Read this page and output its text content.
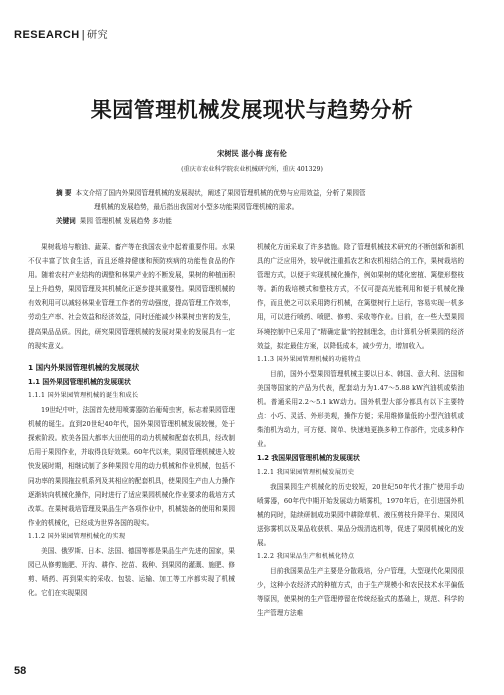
RESEARCH | 研究
果园管理机械发展现状与趋势分析
宋树民 湛小梅 庞有伦
(重庆市农业科学院农业机械研究所，重庆 401329)
摘 要 本文介绍了国内外果园管理机械的发展现状，阐述了果园管理机械的优势与应用效益，分析了果园管
理机械的发展趋势，最后指出我国对小型多功能果园管理机械的需求。
关键词 果园 管理机械 发展趋势 多功能

果树栽培与粮油、蔬菜、畜产等在我国农业中起着重要作用。水果不仅丰富了饮食生活，而且还维持健康和预防疾病的功能性食品的作用。随着农村产业结构的调整和林果产业的不断发展，果树的种植面积呈上升趋势，果园管理及其机械化正逐步提其重要性。果园管理机械的有效利用可以减轻林果业管理工作者的劳动强度，提高管理工作效率，劳动生产率、社会效益和经济效益，同时还能减少林果树虫害的发生，提高果品品质。因此，研究果园管理机械的发展对果业的发展具有一定的现实意义。

1 国内外果园管理机械的发展现状

1.1 国外果园管理机械的发展现状

1.1.1 国外果园管理机械的诞生和成长

19世纪中叶，法国首先使用喷雾器防治葡萄虫害，标志着果园管理机械的诞生。直到20世纪40年代，国外果园管理机械发展较慢，处于探索阶段。欧美各国大都率大田使用的动力机械和配套农机具，经改制后用于果园作业，并取得良好效果。60年代以来，果园管理机械进入较快发展时期，相继试制了多种果园专用的动力机械和作业机械，包括不同功率的果园拖拉机系列及其相应的配套机具，使果园生产由人力操作逐渐转向机械化操作，同时进行了适应果园机械化作业要求的栽培方式改革。在果树栽培管理及果品生产各项作业中，机械装备的使用和果园作业的机械化，已经成为世界各国的现实。

1.1.2 国外果园管理机械化的实现

美国、俄罗斯、日本、法国、德国等都是果品生产先进的国家，果园已从修剪施肥、开沟、耕作、挖苗、栽种、到果园的灌溉、施肥、修剪、喷药、再到果实的采收、包装、运输、加工等工序都实现了机械化。它们在实现果园

机械化方面采取了许多措施。除了管理机械技术研究的不断创新和新机具的广泛应用外，较早就注重抓农艺和农机相结合的工作，果树栽培的管理方式，以便于实现机械化操作，例如果树的矮化密植、篱壁形整枝等。新的栽培模式和整枝方式，不仅可提高光能利用和便于机械化操作，而且使之可以采用跨行机械，在篱壁树行上运行，容易实现一机多用，可以进行喷药、喷肥、修剪、采收等作业。目前，在一些大型果园环境控制中已采用了"精确定量"的控制理念，由计算机分析果园的经济效益，拟定最佳方案，以降低成本，减少劳力，增加收入。

1.1.3 国外果园管理机械的功能特点

目前，国外小型果园管理机械主要以日本、韩国、意大利、法国和美国等国家的产品为代表，配套动力为1.47～5.88 kW汽油机或柴油机。普通采用2.2～5.1 kW动力。国外机型大部分都具有以下主要特点：小巧、灵活、外形美观，操作方便；采用维修量低的小型汽油机或柴油机为动力，可方便、简单、快速地更换多种工作部件，完成多种作业。

1.2 我国果园管理机械的发展现状

1.2.1 我国果园管理机械发展历史

我国果园生产机械化的历史较短，20世纪50年代才推广使用手动喷雾器，60年代中期开始发展动力喷雾机，1970年后，在引进国外机械的同时，陆续研制成功果园中耕除草机、液压剪枝升降平台、果园风送弥雾机以及果品收获机、果品分级清选机等，促进了果园机械化的发展。

1.2.2 我国果品生产和机械化特点

目前我国果品生产主要是分散栽培，分户管理，大型现代化果园很少，这种小农经济式的种植方式，由于生产规模小和农民技术水平偏低等原因，使果树的生产管理停留在传统经验式的基础上，规范、科学的生产管理方法难

58
